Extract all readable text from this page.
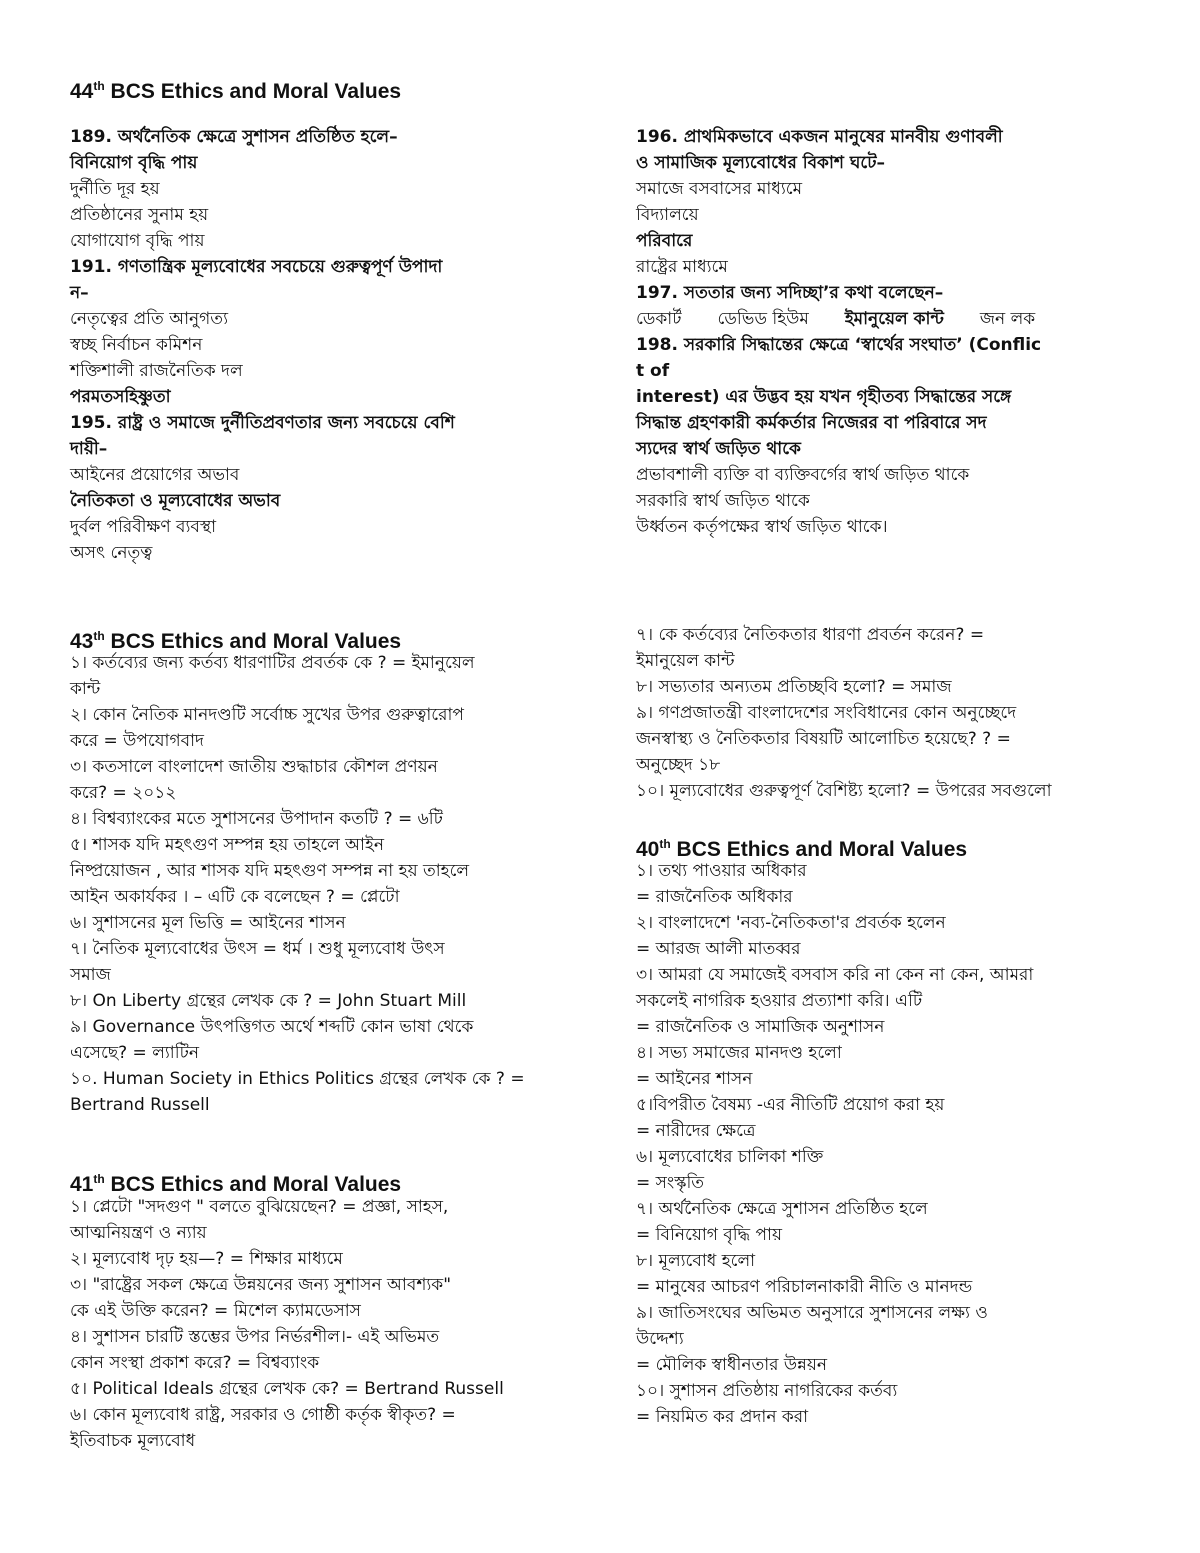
44th BCS Ethics and Moral Values
189. অর্থনৈতিক ক্ষেত্রে সুশাসন প্রতিষ্ঠিত হলে–
বিনিয়োগ বৃদ্ধি পায়
দুর্নীতি দূর হয়
প্রতিষ্ঠানের সুনাম হয়
যোগাযোগ বৃদ্ধি পায়
191. গণতান্ত্রিক মূল্যবোধের সবচেয়ে গুরুত্বপূর্ণ উপাদা
ন–
নেতৃত্বের প্রতি আনুগত্য
স্বচ্ছ নির্বাচন কমিশন
শক্তিশালী রাজনৈতিক দল
পরমতসহিষ্ণুতা
195. রাষ্ট্র ও সমাজে দুর্নীতিপ্রবণতার জন্য সবচেয়ে বেশি
দায়ী–
আইনের প্রয়োগের অভাব
নৈতিকতা ও মূল্যবোধের অভাব
দুর্বল পরিবীক্ষণ ব্যবস্থা
অসৎ নেতৃত্ব
196. প্রাথমিকভাবে একজন মানুষের মানবীয় গুণাবলী
ও সামাজিক মূল্যবোধের বিকাশ ঘটে–
সমাজে বসবাসের মাধ্যমে
বিদ্যালয়ে
পরিবারে
রাষ্ট্রের মাধ্যমে
197. সততার জন্য সদিচ্ছা’র কথা বলেছেন–
ডেকার্ট ডেভিড হিউম ইমানুয়েল কান্ট জন লক
198. সরকারি সিদ্ধান্তের ক্ষেত্রে ‘স্বার্থের সংঘাত’ (Conflic
t of
interest) এর উদ্ভব হয় যখন গৃহীতব্য সিদ্ধান্তের সঙ্গে
সিদ্ধান্ত গ্রহণকারী কর্মকর্তার নিজেরর বা পরিবারে সদ
স্যদের স্বার্থ জড়িত থাকে
প্রভাবশালী ব্যক্তি বা ব্যক্তিবর্গের স্বার্থ জড়িত থাকে
সরকারি স্বার্থ জড়িত থাকে
উর্ধ্বতন কর্তৃপক্ষের স্বার্থ জড়িত থাকে।
43th BCS Ethics and Moral Values
১। কর্তব্যের জন্য কর্তব্য ধারণাটির প্রবর্তক কে ? = ইমানুয়েল
কান্ট
২। কোন নৈতিক মানদণ্ডটি সর্বোচ্চ সুখের উপর গুরুত্বারোপ
করে = উপযোগবাদ
৩। কতসালে বাংলাদেশ জাতীয় শুদ্ধাচার কৌশল প্রণয়ন
করে? = ২০১২
৪। বিশ্বব্যাংকের মতে সুশাসনের উপাদান কতটি ? = ৬টি
৫। শাসক যদি মহৎগুণ সম্পন্ন হয় তাহলে আইন
নিষ্প্রয়োজন , আর শাসক যদি মহৎগুণ সম্পন্ন না হয় তাহলে
আইন অকার্যকর । – এটি কে বলেছেন ? = প্লেটো
৬। সুশাসনের মূল ভিত্তি = আইনের শাসন
৭। নৈতিক মূল্যবোধের উৎস = ধর্ম । শুধু মূল্যবোধ উৎস
সমাজ
৮। On Liberty গ্রন্থের লেখক কে ? = John Stuart Mill
৯। Governance উৎপত্তিগত অর্থে শব্দটি কোন ভাষা থেকে
এসেছে? = ল্যাটিন
১০. Human Society in Ethics Politics গ্রন্থের লেখক কে ? =
Bertrand Russell
৭। কে কর্তব্যের নৈতিকতার ধারণা প্রবর্তন করেন? =
ইমানুয়েল কান্ট
৮। সভ্যতার অন্যতম প্রতিচ্ছবি হলো? = সমাজ
৯। গণপ্রজাতন্ত্রী বাংলাদেশের সংবিধানের কোন অনুচ্ছেদে
জনস্বাস্থ্য ও নৈতিকতার বিষয়টি আলোচিত হয়েছে? ? =
অনুচ্ছেদ ১৮
১০। মূল্যবোধের গুরুত্বপূর্ণ বৈশিষ্ট্য হলো? = উপরের সবগুলো
41th BCS Ethics and Moral Values
১। প্লেটো "সদগুণ " বলতে বুঝিয়েছেন? = প্রজ্ঞা, সাহস,
আত্মনিয়ন্ত্রণ ও ন্যায়
২। মূল্যবোধ দৃঢ় হয়—? = শিক্ষার মাধ্যমে
৩। "রাষ্ট্রের সকল ক্ষেত্রে উন্নয়নের জন্য সুশাসন আবশ্যক"
কে এই উক্তি করেন? = মিশেল ক্যামডেসাস
৪। সুশাসন চারটি স্তম্ভের উপর নির্ভরশীল।- এই অভিমত
কোন সংস্থা প্রকাশ করে? = বিশ্বব্যাংক
৫। Political Ideals গ্রন্থের লেখক কে? = Bertrand Russell
৬। কোন মূল্যবোধ রাষ্ট্র, সরকার ও গোষ্ঠী কর্তৃক স্বীকৃত? =
ইতিবাচক মূল্যবোধ
40th BCS Ethics and Moral Values
১। তথ্য পাওয়ার অধিকার
= রাজনৈতিক অধিকার
২। বাংলাদেশে 'নব্য-নৈতিকতা'র প্রবর্তক হলেন
= আরজ আলী মাতব্বর
৩। আমরা যে সমাজেই বসবাস করি না কেন না কেন, আমরা
সকলেই নাগরিক হওয়ার প্রত্যাশা করি। এটি
= রাজনৈতিক ও সামাজিক অনুশাসন
৪। সভ্য সমাজের মানদণ্ড হলো
= আইনের শাসন
৫।বিপরীত বৈষম্য -এর নীতিটি প্রয়োগ করা হয়
= নারীদের ক্ষেত্রে
৬। মূল্যবোধের চালিকা শক্তি
= সংস্কৃতি
৭। অর্থনৈতিক ক্ষেত্রে সুশাসন প্রতিষ্ঠিত হলে
= বিনিয়োগ বৃদ্ধি পায়
৮। মূল্যবোধ হলো
= মানুষের আচরণ পরিচালনাকারী নীতি ও মানদন্ড
৯। জাতিসংঘের অভিমত অনুসারে সুশাসনের লক্ষ্য ও
উদ্দেশ্য
= মৌলিক স্বাধীনতার উন্নয়ন
১০। সুশাসন প্রতিষ্ঠায় নাগরিকের কর্তব্য
= নিয়মিত কর প্রদান করা
